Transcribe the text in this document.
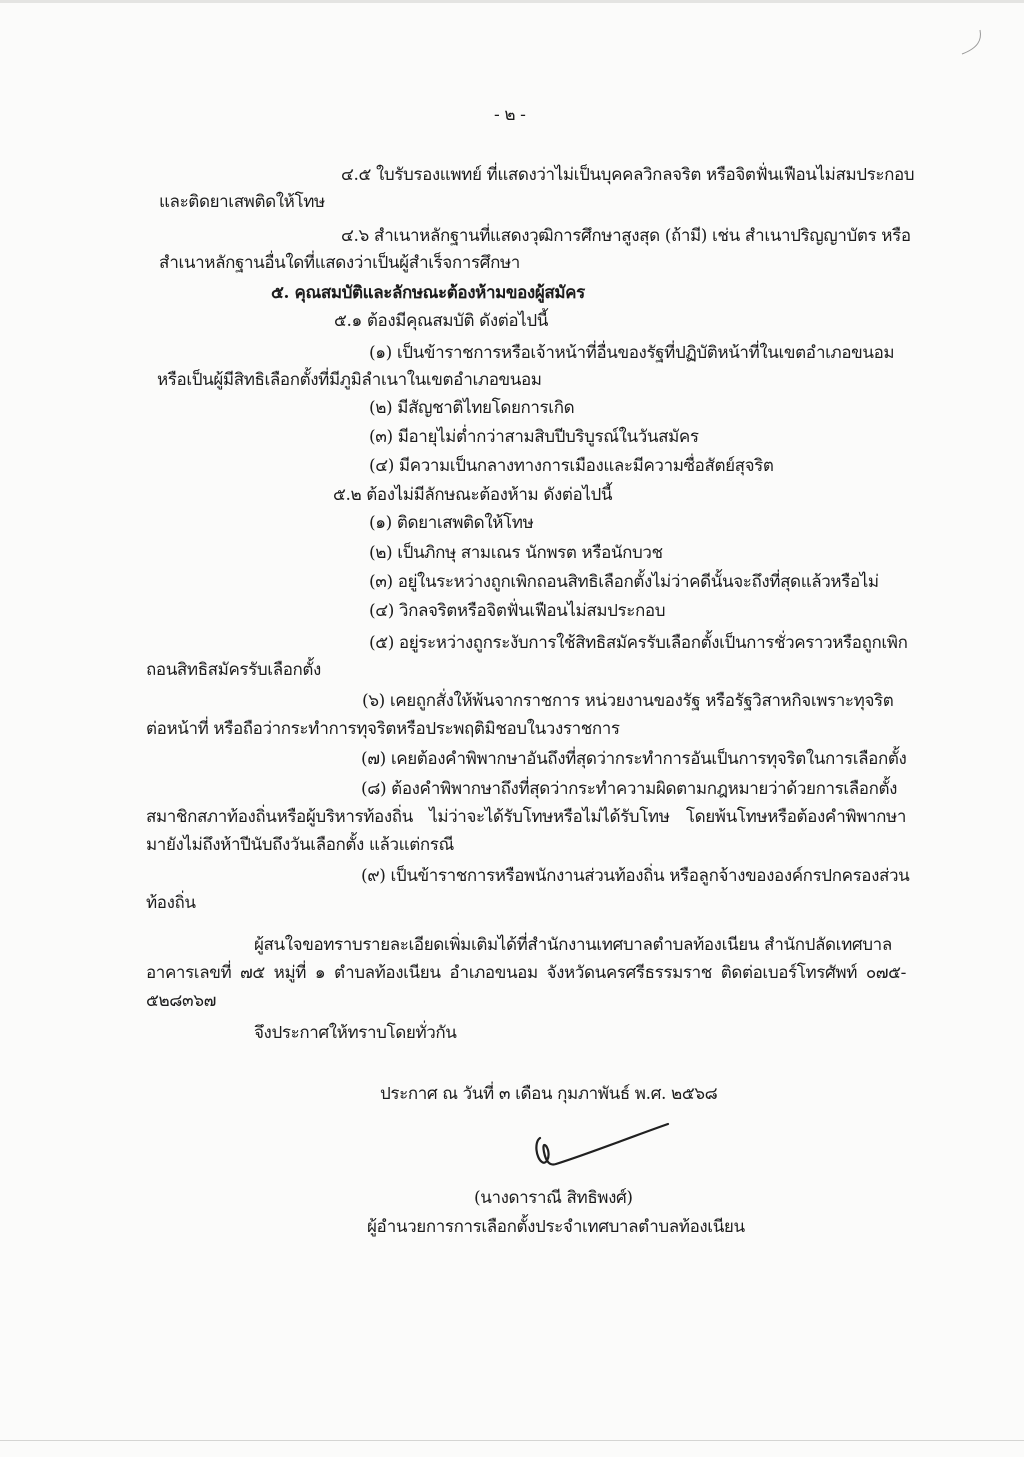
- ๒ -
๔.๕ ใบรับรองแพทย์ ที่แสดงว่าไม่เป็นบุคคลวิกลจริต หรือจิตฟั่นเฟือนไม่สมประกอบ
และติดยาเสพติดให้โทษ
๔.๖ สำเนาหลักฐานที่แสดงวุฒิการศึกษาสูงสุด (ถ้ามี) เช่น สำเนาปริญญาบัตร หรือ
สำเนาหลักฐานอื่นใดที่แสดงว่าเป็นผู้สำเร็จการศึกษา
๕. คุณสมบัติและลักษณะต้องห้ามของผู้สมัคร
๕.๑ ต้องมีคุณสมบัติ ดังต่อไปนี้
(๑) เป็นข้าราชการหรือเจ้าหน้าที่อื่นของรัฐที่ปฏิบัติหน้าที่ในเขตอำเภอขนอม
หรือเป็นผู้มีสิทธิเลือกตั้งที่มีภูมิลำเนาในเขตอำเภอขนอม
(๒) มีสัญชาติไทยโดยการเกิด
(๓) มีอายุไม่ต่ำกว่าสามสิบปีบริบูรณ์ในวันสมัคร
(๔) มีความเป็นกลางทางการเมืองและมีความซื่อสัตย์สุจริต
๕.๒ ต้องไม่มีลักษณะต้องห้าม ดังต่อไปนี้
(๑) ติดยาเสพติดให้โทษ
(๒) เป็นภิกษุ สามเณร นักพรต หรือนักบวช
(๓) อยู่ในระหว่างถูกเพิกถอนสิทธิเลือกตั้งไม่ว่าคดีนั้นจะถึงที่สุดแล้วหรือไม่
(๔) วิกลจริตหรือจิตฟั่นเฟือนไม่สมประกอบ
(๕) อยู่ระหว่างถูกระงับการใช้สิทธิสมัครรับเลือกตั้งเป็นการชั่วคราวหรือถูกเพิก
ถอนสิทธิสมัครรับเลือกตั้ง
(๖) เคยถูกสั่งให้พ้นจากราชการ หน่วยงานของรัฐ หรือรัฐวิสาหกิจเพราะทุจริต
ต่อหน้าที่ หรือถือว่ากระทำการทุจริตหรือประพฤติมิชอบในวงราชการ
(๗) เคยต้องคำพิพากษาอันถึงที่สุดว่ากระทำการอันเป็นการทุจริตในการเลือกตั้ง
(๘) ต้องคำพิพากษาถึงที่สุดว่ากระทำความผิดตามกฎหมายว่าด้วยการเลือกตั้ง
สมาชิกสภาท้องถิ่นหรือผู้บริหารท้องถิ่น ไม่ว่าจะได้รับโทษหรือไม่ได้รับโทษ โดยพ้นโทษหรือต้องคำพิพากษา
มายังไม่ถึงห้าปีนับถึงวันเลือกตั้ง แล้วแต่กรณี
(๙) เป็นข้าราชการหรือพนักงานส่วนท้องถิ่น หรือลูกจ้างขององค์กรปกครองส่วน
ท้องถิ่น
ผู้สนใจขอทราบรายละเอียดเพิ่มเติมได้ที่สำนักงานเทศบาลตำบลท้องเนียน สำนักปลัดเทศบาล
อาคารเลขที่ ๗๕ หมู่ที่ ๑ ตำบลท้องเนียน อำเภอขนอม จังหวัดนครศรีธรรมราช ติดต่อเบอร์โทรศัพท์ ๐๗๕-
๕๒๘๓๖๗
จึงประกาศให้ทราบโดยทั่วกัน
ประกาศ ณ วันที่ ๓ เดือน กุมภาพันธ์ พ.ศ. ๒๕๖๘
(นางดาราณี สิทธิพงศ์)
ผู้อำนวยการการเลือกตั้งประจำเทศบาลตำบลท้องเนียน
